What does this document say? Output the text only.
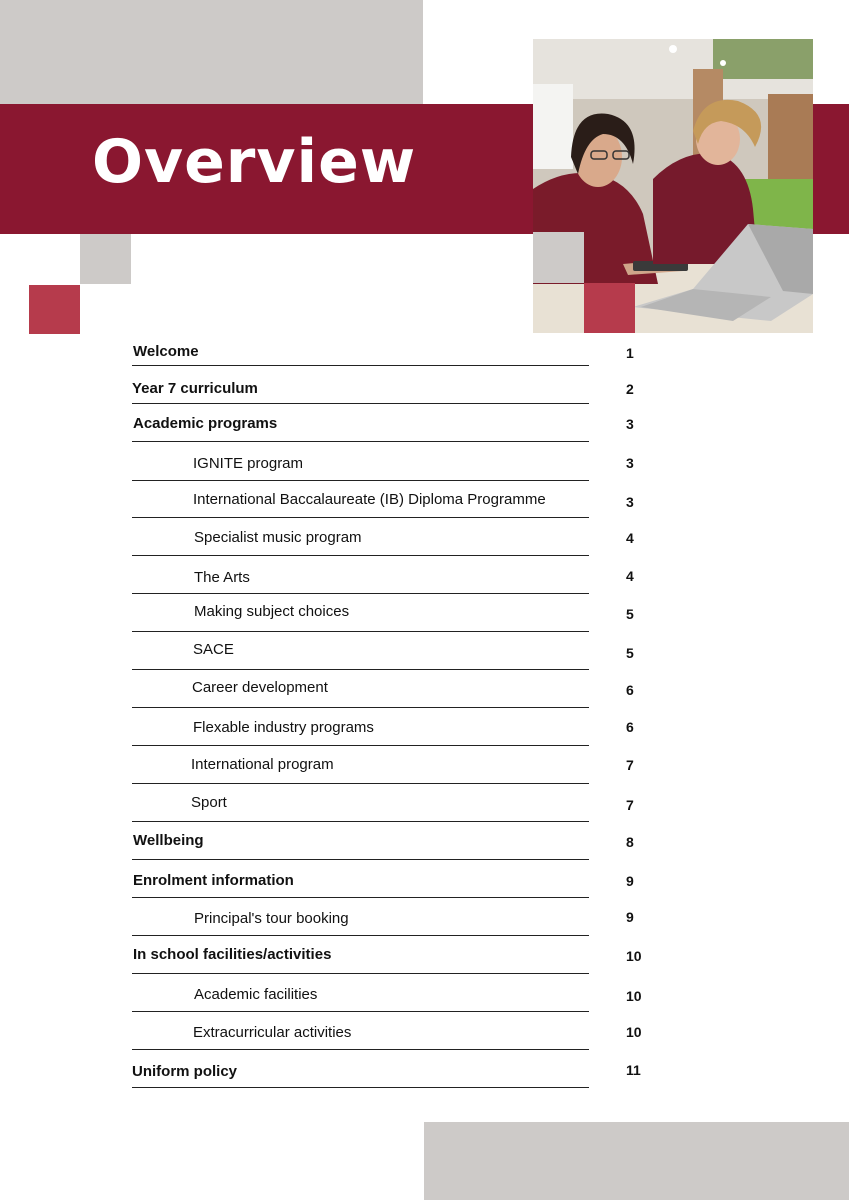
Overview
Welcome	1
Year 7 curriculum	2
Academic programs	3
IGNITE program	3
International Baccalaureate (IB) Diploma Programme	3
Specialist music program	4
The Arts	4
Making subject choices	5
SACE	5
Career development	6
Flexable industry programs	6
International program	7
Sport	7
Wellbeing	8
Enrolment information	9
Principal's tour booking	9
In school facilities/activities	10
Academic facilities	10
Extracurricular activities	10
Uniform policy	11
